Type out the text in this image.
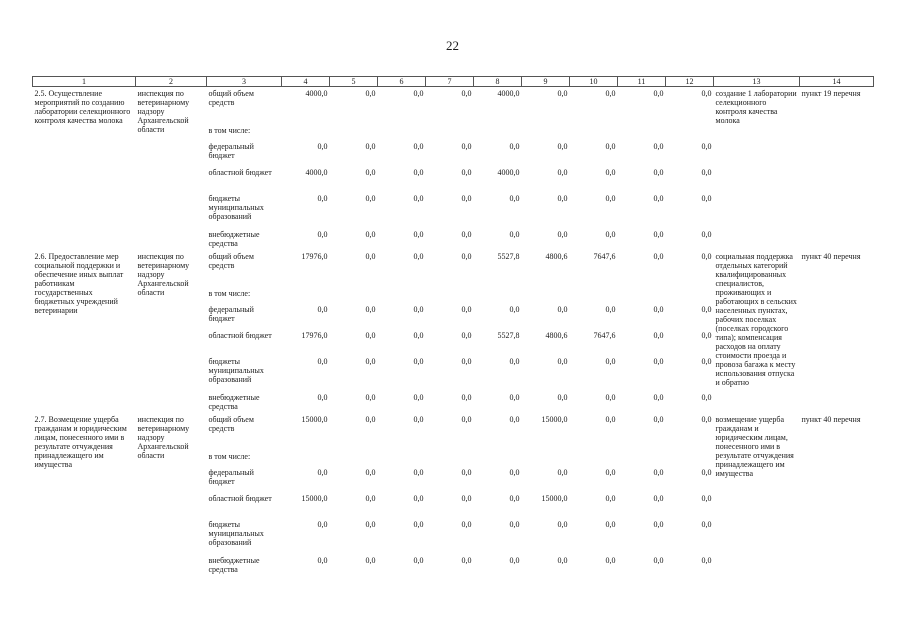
22
1	2	3	4	5	6	7	8	9	10	11	12	13	14
2.5. Осуществление мероприятий по созданию лаборатории селекционного контроля качества молока	инспекция по ветеринарному надзору Архангельской области	общий объем средств	4000,0	0,0	0,0	0,0	4000,0	0,0	0,0	0,0	0,0	создание 1 лаборатории селекционного контроля качества молока	пункт 19 перечня
		в том числе:											
		федеральный бюджет	0,0	0,0	0,0	0,0	0,0	0,0	0,0	0,0	0,0		
		областной бюджет	4000,0	0,0	0,0	0,0	4000,0	0,0	0,0	0,0	0,0		
		бюджеты муниципальных образований	0,0	0,0	0,0	0,0	0,0	0,0	0,0	0,0	0,0		
		внебюджетные средства	0,0	0,0	0,0	0,0	0,0	0,0	0,0	0,0	0,0		
2.6. Предоставление мер социальной поддержки и обеспечение иных выплат работникам государственных бюджетных учреждений ветеринарии	инспекция по ветеринарному надзору Архангельской области	общий объем средств	17976,0	0,0	0,0	0,0	5527,8	4800,6	7647,6	0,0	0,0	социальная поддержка отдельных категорий квалифицированных специалистов, проживающих и работающих в сельских населенных пунктах, рабочих поселках (поселках городского типа); компенсация расходов на оплату стоимости проезда и провоза багажа к месту использования отпуска и обратно	пункт 40 перечня
		в том числе:											
		федеральный бюджет	0,0	0,0	0,0	0,0	0,0	0,0	0,0	0,0	0,0		
		областной бюджет	17976,0	0,0	0,0	0,0	5527,8	4800,6	7647,6	0,0	0,0		
		бюджеты муниципальных образований	0,0	0,0	0,0	0,0	0,0	0,0	0,0	0,0	0,0		
		внебюджетные средства	0,0	0,0	0,0	0,0	0,0	0,0	0,0	0,0	0,0		
2.7. Возмещение ущерба гражданам и юридическим лицам, понесенного ими в результате отчуждения принадлежащего им имущества	инспекция по ветеринарному надзору Архангельской области	общий объем средств	15000,0	0,0	0,0	0,0	0,0	15000,0	0,0	0,0	0,0	возмещение ущерба гражданам и юридическим лицам, понесенного ими в результате отчуждения принадлежащего им имущества	пункт 40 перечня
		в том числе:											
		федеральный бюджет	0,0	0,0	0,0	0,0	0,0	0,0	0,0	0,0	0,0		
		областной бюджет	15000,0	0,0	0,0	0,0	0,0	15000,0	0,0	0,0	0,0		
		бюджеты муниципальных образований	0,0	0,0	0,0	0,0	0,0	0,0	0,0	0,0	0,0		
		внебюджетные средства	0,0	0,0	0,0	0,0	0,0	0,0	0,0	0,0	0,0		
